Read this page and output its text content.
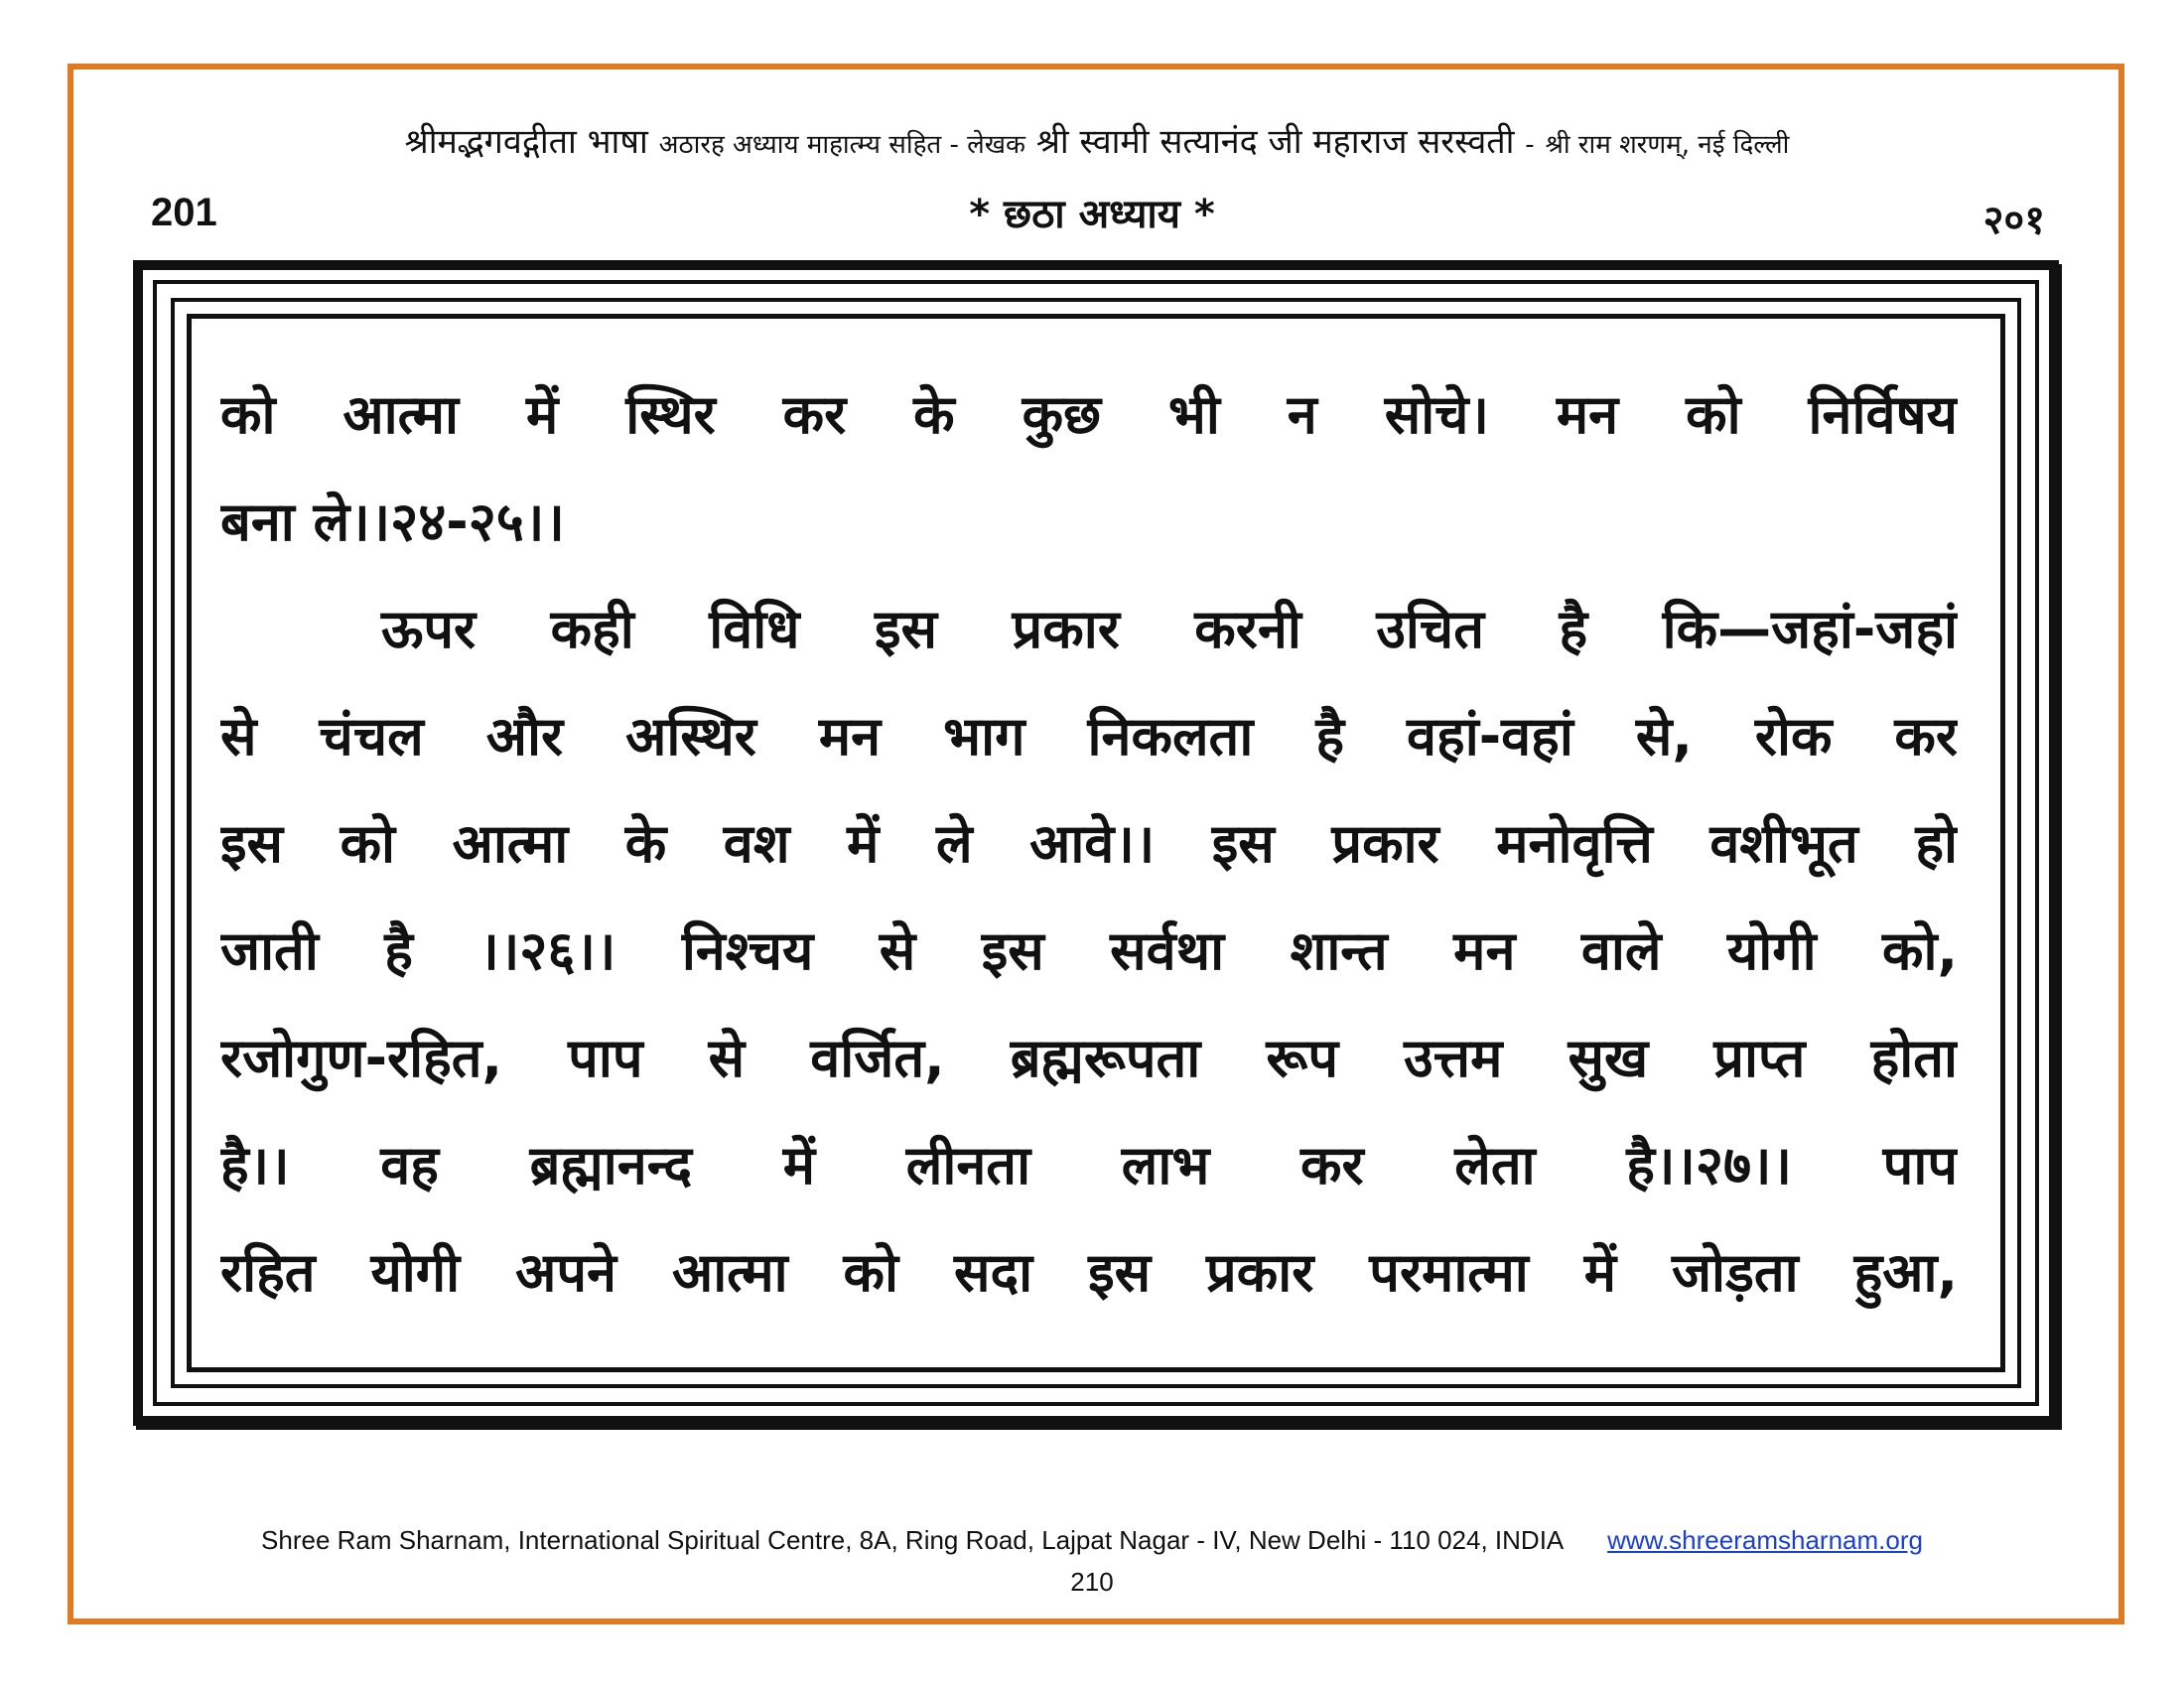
श्रीमद्भगवद्गीता भाषा अठारह अध्याय माहात्म्य सहित - लेखक श्री स्वामी सत्यानंद जी महाराज सरस्वती - श्री राम शरणम्, नई दिल्ली
201	* छठा अध्याय *	२०१
को आत्मा में स्थिर कर के कुछ भी न सोचे। मन को निर्विषय
बना ले।।२४-२५।।
ऊपर कही विधि इस प्रकार करनी उचित है कि—जहां-जहां
से चंचल और अस्थिर मन भाग निकलता है वहां-वहां से, रोक कर
इस को आत्मा के वश में ले आवे।। इस प्रकार मनोवृत्ति वशीभूत हो
जाती है ।।२६।। निश्चय से इस सर्वथा शान्त मन वाले योगी को,
रजोगुण-रहित, पाप से वर्जित, ब्रह्मरूपता रूप उत्तम सुख प्राप्त होता
है।। वह ब्रह्मानन्द में लीनता लाभ कर लेता है।।२७।। पाप
रहित योगी अपने आत्मा को सदा इस प्रकार परमात्मा में जोड़ता हुआ,
Shree Ram Sharnam, International Spiritual Centre, 8A, Ring Road, Lajpat Nagar - IV, New Delhi - 110 024, INDIA www.shreeramsharnam.org
210
